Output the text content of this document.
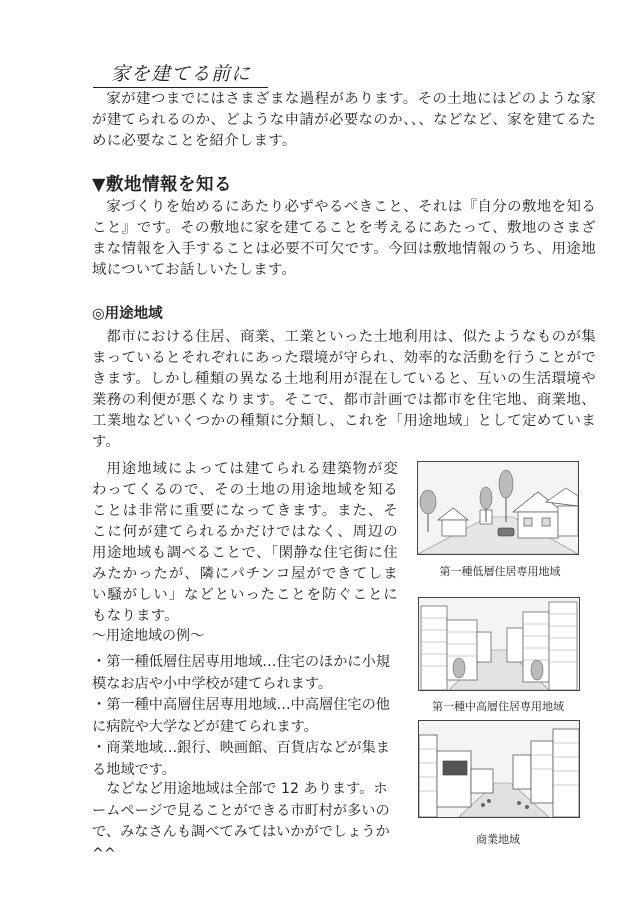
家を建てる前に

家が建つまでにはさまざまな過程があります。その土地にはどのような家が建てられるのか、どような申請が必要なのか、、、などなど、家を建てるために必要なことを紹介します。

▼敷地情報を知る

家づくりを始めるにあたり必ずやるべきこと、それは『自分の敷地を知ること』です。その敷地に家を建てることを考えるにあたって、敷地のさまざまな情報を入手することは必要不可欠です。今回は敷地情報のうち、用途地域についてお話しいたします。

◎用途地域

都市における住居、商業、工業といった土地利用は、似たようなものが集まっているとそれぞれにあった環境が守られ、効率的な活動を行うことができます。しかし種類の異なる土地利用が混在していると、互いの生活環境や業務の利便が悪くなります。そこで、都市計画では都市を住宅地、商業地、工業地などいくつかの種類に分類し、これを「用途地域」として定めています。

用途地域によっては建てられる建築物が変わってくるので、その土地の用途地域を知ることは非常に重要になってきます。また、そこに何が建てられるかだけではなく、周辺の用途地域も調べることで、「閑静な住宅街に住みたかったが、隣にパチンコ屋ができてしまい騒がしい」などといったことを防ぐことにもなります。

～用途地域の例～
・第一種低層住居専用地域…住宅のほかに小規模なお店や小中学校が建てられます。
・第一種中高層住居専用地域…中高層住宅の他に病院や大学などが建てられます。
・商業地域…銀行、映画館、百貨店などが集まる地域です。

などなど用途地域は全部で 12 あります。ホームページで見ることができる市町村が多いので、みなさんも調べてみてはいかがでしょうか^^

第一種低層住居専用地域
第一種中高層住居専用地域
商業地域
